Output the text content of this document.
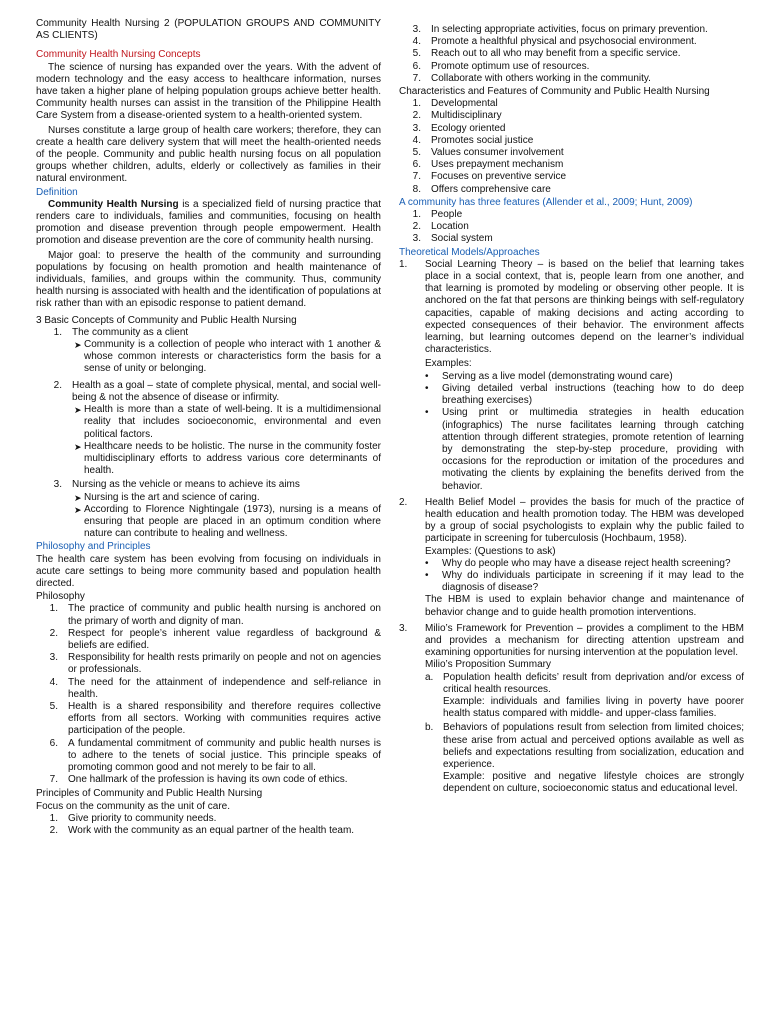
Community Health Nursing 2 (POPULATION GROUPS AND COMMUNITY AS CLIENTS)

Community Health Nursing Concepts

The science of nursing has expanded over the years. With the advent of modern technology and the easy access to healthcare information, nurses have taken a higher plane of helping population groups achieve better health. Community health nurses can assist in the transition of the Philippine Health Care System from a disease-oriented system to a health-oriented system.

Nurses constitute a large group of health care workers; therefore, they can create a health care delivery system that will meet the health-oriented needs of the people. Community and public health nursing focus on all population groups whether children, adults, elderly or collectively as families in their natural environment.

Definition

Community Health Nursing is a specialized field of nursing practice that renders care to individuals, families and communities, focusing on health promotion and disease prevention through people empowerment. Health promotion and disease prevention are the core of community health nursing.

Major goal: to preserve the health of the community and surrounding populations by focusing on health promotion and health maintenance of individuals, families, and groups within the community. Thus, community health nursing is associated with health and the identification of populations at risk rather than with an episodic response to patient demand.

3 Basic Concepts of Community and Public Health Nursing

1.	The community as a client
➤ Community is a collection of people who interact with 1 another & whose common interests or characteristics form the basis for a sense of unity or belonging.
2.	Health as a goal – state of complete physical, mental, and social well-being & not the absence of disease or infirmity.
➤ Health is more than a state of well-being. It is a multidimensional reality that includes socioeconomic, environmental and even political factors.
➤ Healthcare needs to be holistic. The nurse in the community foster multidisciplinary efforts to address various core determinants of health.
3.	Nursing as the vehicle or means to achieve its aims
➤ Nursing is the art and science of caring.
➤ According to Florence Nightingale (1973), nursing is a means of ensuring that people are placed in an optimum condition where nature can contribute to healing and wellness.

Philosophy and Principles

The health care system has been evolving from focusing on individuals in acute care settings to being more community based and population health directed.

Philosophy

1.	The practice of community and public health nursing is anchored on the primary of worth and dignity of man.
2.	Respect for people’s inherent value regardless of background & beliefs are edified.
3.	Responsibility for health rests primarily on people and not on agencies or professionals.
4.	The need for the attainment of independence and self-reliance in health.
5.	Health is a shared responsibility and therefore requires collective efforts from all sectors. Working with communities requires active participation of the people.
6.	A fundamental commitment of community and public health nurses is to adhere to the tenets of social justice. This principle speaks of promoting common good and not merely to be fair to all.
7.	One hallmark of the profession is having its own code of ethics.

Principles of Community and Public Health Nursing

Focus on the community as the unit of care.

1.	Give priority to community needs.
2.	Work with the community as an equal partner of the health team.
3.	In selecting appropriate activities, focus on primary prevention.
4.	Promote a healthful physical and psychosocial environment.
5.	Reach out to all who may benefit from a specific service.
6.	Promote optimum use of resources.
7.	Collaborate with others working in the community.

Characteristics and Features of Community and Public Health Nursing

1.	Developmental
2.	Multidisciplinary
3.	Ecology oriented
4.	Promotes social justice
5.	Values consumer involvement
6.	Uses prepayment mechanism
7.	Focuses on preventive service
8.	Offers comprehensive care

A community has three features (Allender et al., 2009; Hunt, 2009)

1.	People
2.	Location
3.	Social system

Theoretical Models/Approaches

1.	Social Learning Theory – is based on the belief that learning takes place in a social context, that is, people learn from one another, and that learning is promoted by modeling or observing other people. It is anchored on the fat that persons are thinking beings with self-regulatory capacities, capable of making decisions and acting according to expected consequences of their behavior. The environment affects learning, but learning outcomes depend on the learner’s individual characteristics.

Examples:

•	Serving as a live model (demonstrating wound care)
•	Giving detailed verbal instructions (teaching how to do deep breathing exercises)
•	Using print or multimedia strategies in health education (infographics) The nurse facilitates learning through catching attention through different strategies, promote retention of learning by demonstrating the step-by-step procedure, providing with occasions for the reproduction or imitation of the procedures and motivating the clients by explaining the benefits derived from the behavior.
2.	Health Belief Model – provides the basis for much of the practice of health education and health promotion today. The HBM was developed by a group of social psychologists to explain why the public failed to participate in screening for tuberculosis (Hochbaum, 1958).

Examples: (Questions to ask)

•	Why do people who may have a disease reject health screening?
•	Why do individuals participate in screening if it may lead to the diagnosis of disease?

The HBM is used to explain behavior change and maintenance of behavior change and to guide health promotion interventions.

3.	Milio’s Framework for Prevention – provides a compliment to the HBM and provides a mechanism for directing attention upstream and examining opportunities for nursing intervention at the population level.

Milio’s Proposition Summary

a. Population health deficits’ result from deprivation and/or excess of critical health resources.

Example: individuals and families living in poverty have poorer health status compared with middle- and upper-class families.

b. Behaviors of populations result from selection from limited choices; these arise from actual and perceived options available as well as beliefs and expectations resulting from socialization, education and experience.

Example: positive and negative lifestyle choices are strongly dependent on culture, socioeconomic status and educational level.
